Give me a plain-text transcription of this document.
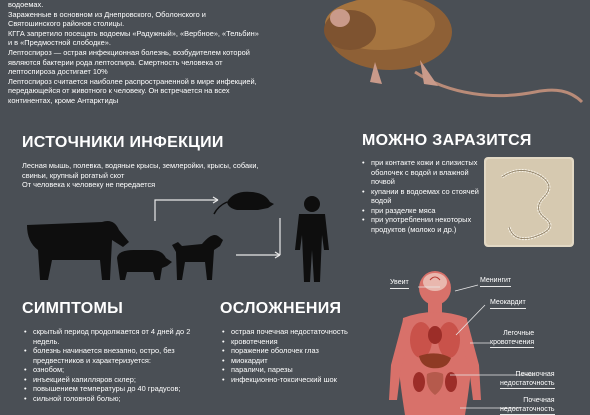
водоемах.
Зараженные в основном из Днепровского, Оболонского и
Святошинского районов столицы.
КГГА запретило посещать водоемы «Радужный», «Вербное», «Тельбин»
и в «Предмостной слободке».
Лептоспироз — острая инфекционная болезнь, возбудителем которой
являются бактерии рода лептоспира. Смертность человека от
лептоспироза достигает 10%
Лептоспироз считается наиболее распространенной в мире инфекцией,
передающейся от животного к человеку. Он встречается на всех
континентах, кроме Антарктиды
ИСТОЧНИКИ ИНФЕКЦИИ
Лесная мышь, полевка, водяные крысы, землеройки, крысы, собаки,
свиньи, крупный рогатый скот
От человека к человеку не передается
МОЖНО ЗАРАЗИТСЯ
• при контакте кожи и слизистых оболочек с водой и влажной почвой
• купании в водоемах со стоячей водой
• при разделке мяса
• при употреблении некоторых продуктов (молоко и др.)
СИМПТОМЫ
• скрытый период продолжается от 4 дней до 2 недель.
• болезнь начинается внезапно, остро, без предвестников и характеризуется:
• ознобом;
• инъекцией капилляров склер;
• повышением температуры до 40 градусов;
• сильной головной болью;
ОСЛОЖНЕНИЯ
• острая почечная недостаточность
• кровотечения
• поражение оболочек глаз
• миокардит
• параличи, парезы
• инфекционно-токсический шок
Увеит	Менингит
Меокардит
Легочные
кровотечения
Печеночная
недостаточность
Почечная
недостаточность
